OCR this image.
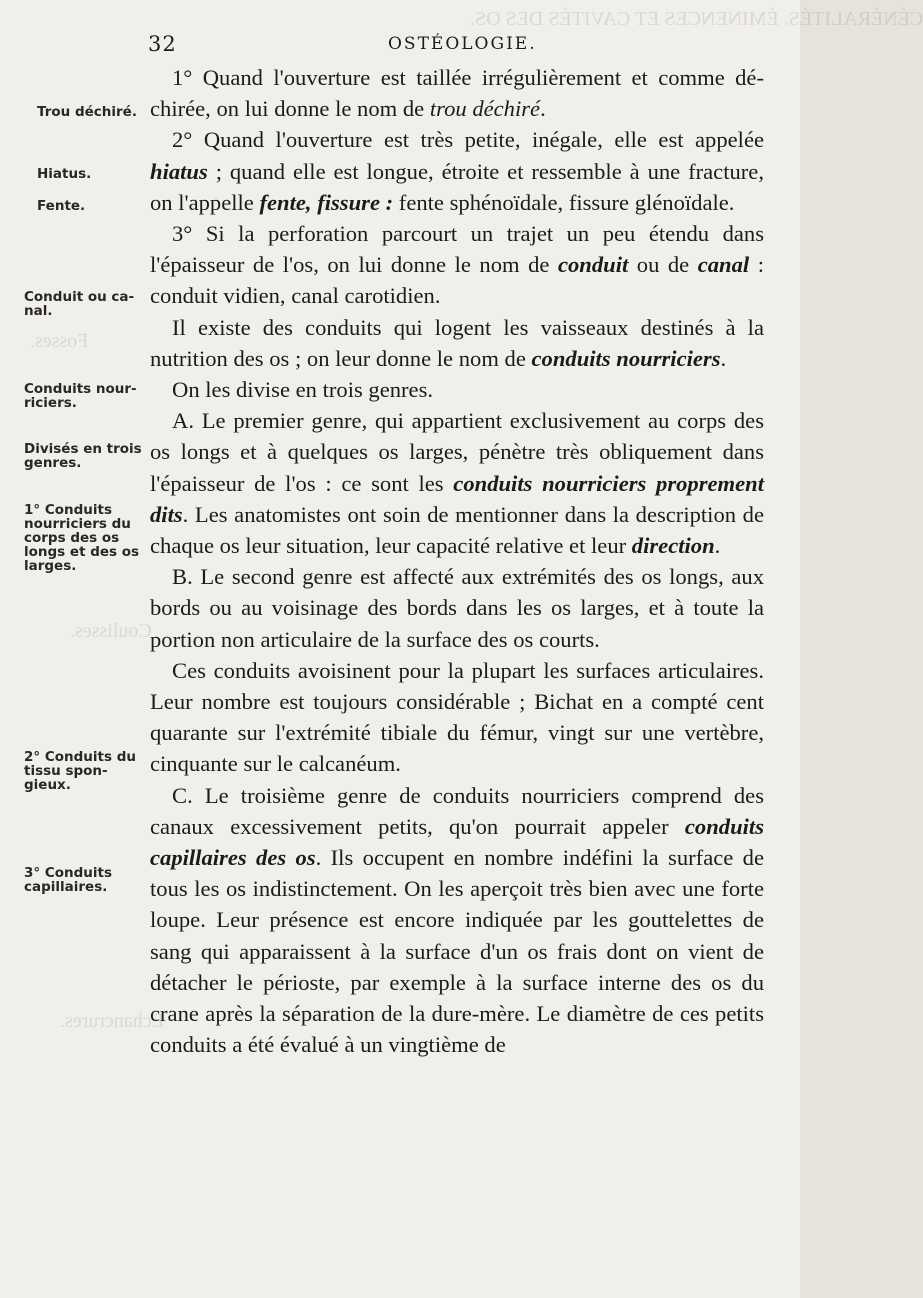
CÉNÉRALITÉS. ÉMINENCES ET CAVITÉS DES OS.
Fosses.
Coulisses.
Echancrures.
32	OSTÉOLOGIE.
Trou déchiré.
Hiatus.
Fente.
Conduit ou ca- nal.
Conduits nour- riciers.
Divisés en trois genres.
1° Conduits nourriciers du corps des os longs et des os larges.
2° Conduits du tissu spon- gieux.
3° Conduits capillaires.

1° Quand l'ouverture est taillée irrégulièrement et comme déchirée, on lui donne le nom de trou déchiré.

2° Quand l'ouverture est très petite, inégale, elle est appelée hiatus ; quand elle est longue, étroite et ressemble à une fracture, on l'appelle fente, fissure : fente sphénoïdale, fissure glénoïdale.

3° Si la perforation parcourt un trajet un peu étendu dans l'épaisseur de l'os, on lui donne le nom de conduit ou de canal : conduit vidien, canal carotidien.

Il existe des conduits qui logent les vaisseaux destinés à la nutrition des os ; on leur donne le nom de conduits nourriciers.

On les divise en trois genres.

A. Le premier genre, qui appartient exclusivement au corps des os longs et à quelques os larges, pénètre très obliquement dans l'épaisseur de l'os : ce sont les conduits nourriciers proprement dits. Les anatomistes ont soin de mentionner dans la description de chaque os leur situation, leur capacité relative et leur direction.

B. Le second genre est affecté aux extrémités des os longs, aux bords ou au voisinage des bords dans les os larges, et à toute la portion non articulaire de la surface des os courts.

Ces conduits avoisinent pour la plupart les surfaces articulaires. Leur nombre est toujours considérable ; Bichat en a compté cent quarante sur l'extrémité tibiale du fémur, vingt sur une vertèbre, cinquante sur le calcanéum.

C. Le troisième genre de conduits nourriciers comprend des canaux excessivement petits, qu'on pourrait appeler conduits capillaires des os. Ils occupent en nombre indéfini la surface de tous les os indistinctement. On les aperçoit très bien avec une forte loupe. Leur présence est encore indiquée par les gouttelettes de sang qui apparaissent à la surface d'un os frais dont on vient de détacher le périoste, par exemple à la surface interne des os du crane après la séparation de la dure-mère. Le diamètre de ces petits conduits a été évalué à un vingtième de
